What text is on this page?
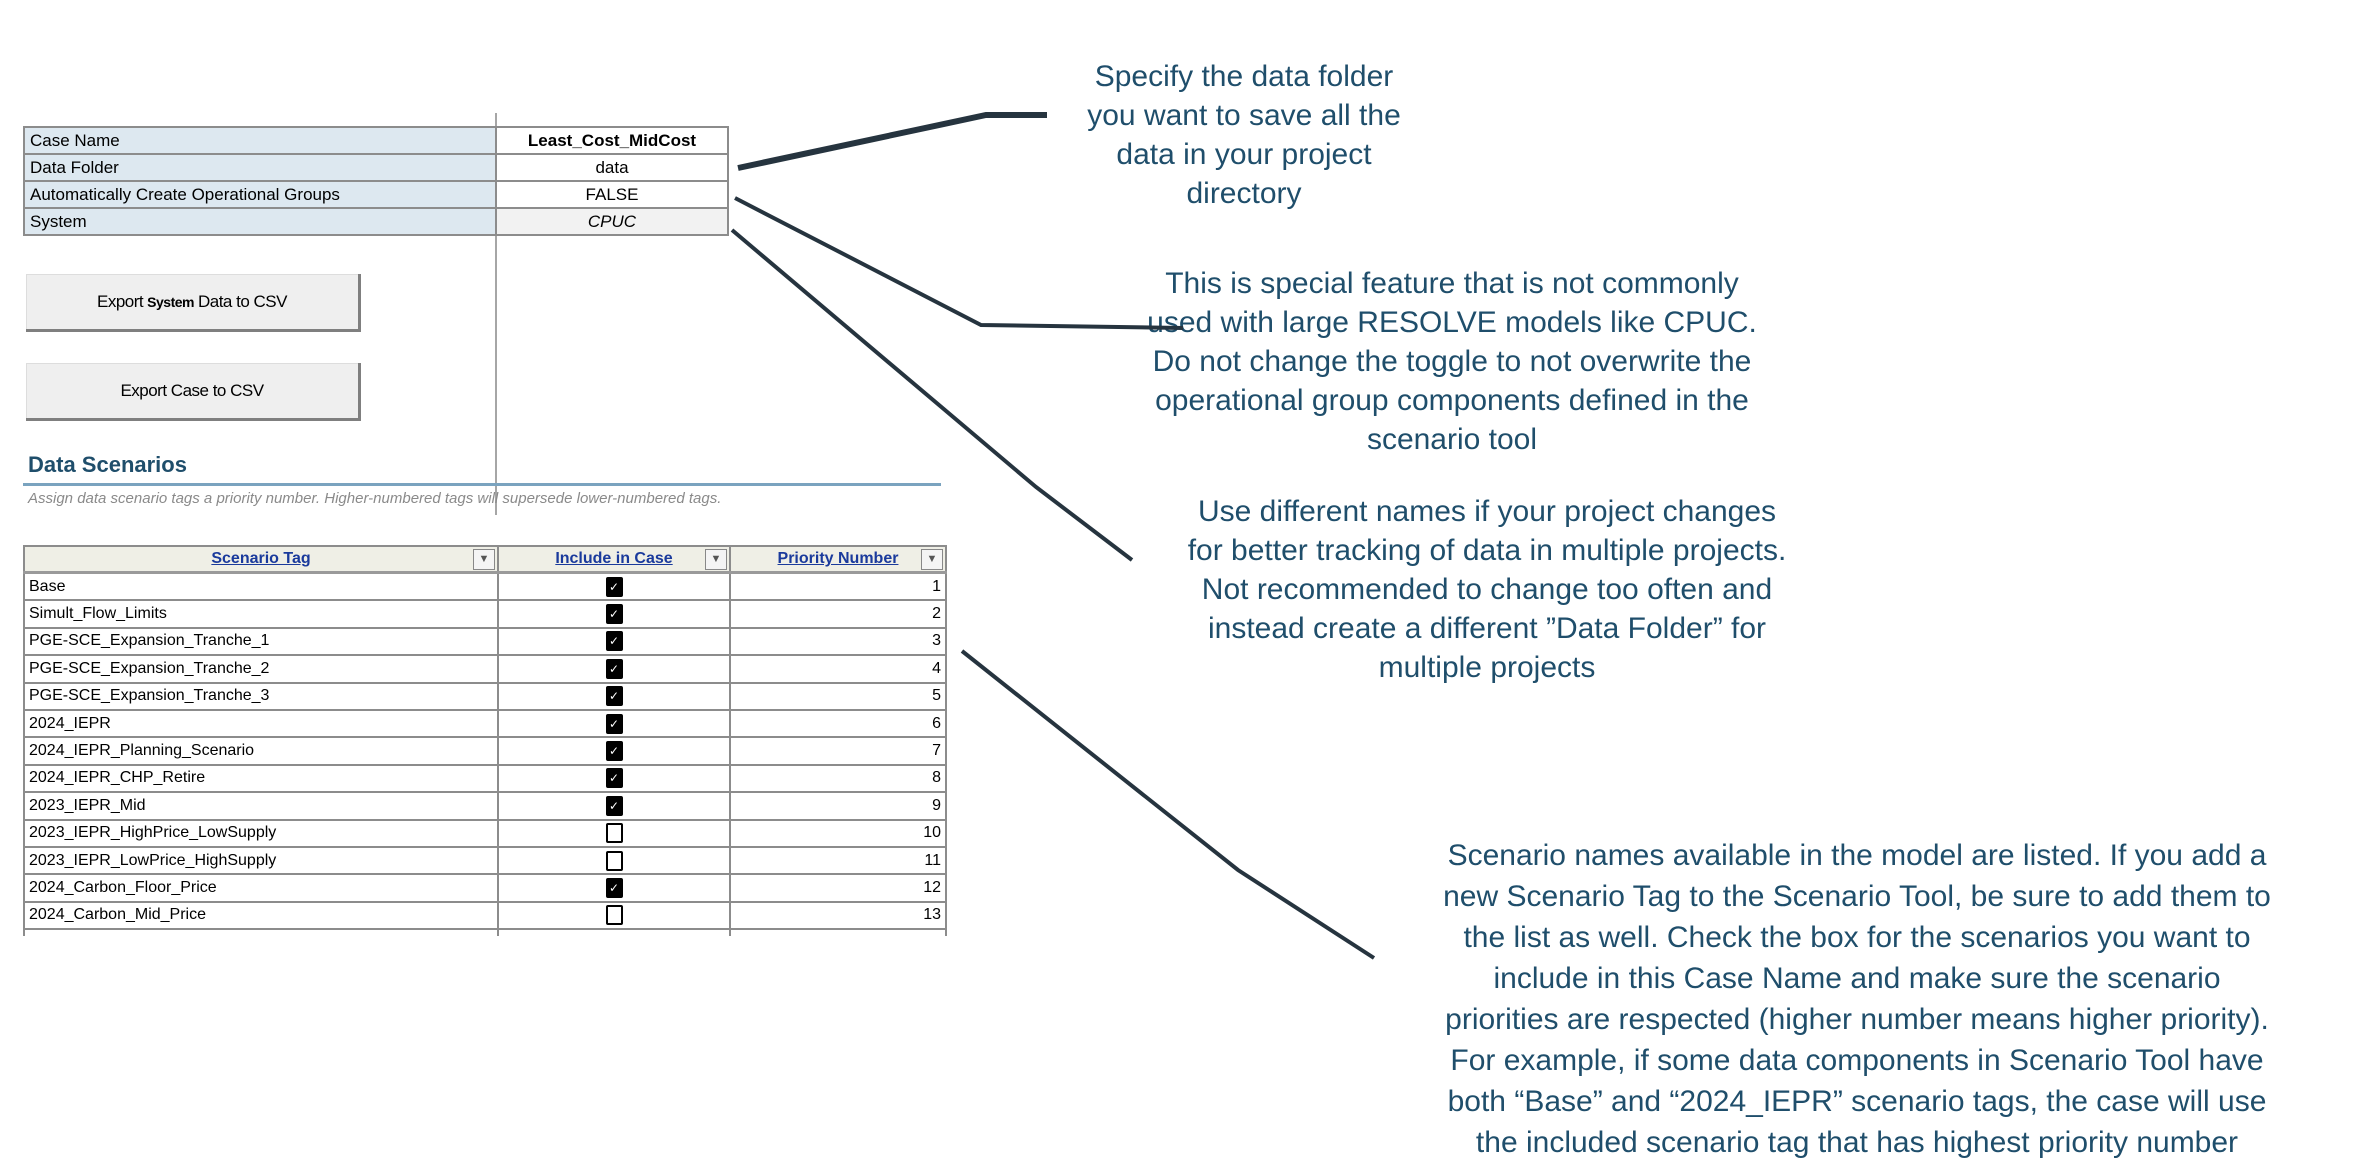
Case Name	Least_Cost_MidCost
Data Folder	data
Automatically Create Operational Groups	FALSE
System	CPUC
Export System Data to CSV
Export Case to CSV
Data Scenarios
Assign data scenario tags a priority number. Higher-numbered tags will supersede lower-numbered tags.
Scenario Tag ▼	Include in Case ▼	Priority Number ▼

Base	✓	1
Simult_Flow_Limits	✓	2
PGE-SCE_Expansion_Tranche_1	✓	3
PGE-SCE_Expansion_Tranche_2	✓	4
PGE-SCE_Expansion_Tranche_3	✓	5
2024_IEPR	✓	6
2024_IEPR_Planning_Scenario	✓	7
2024_IEPR_CHP_Retire	✓	8
2023_IEPR_Mid	✓	9
2023_IEPR_HighPrice_LowSupply		10
2023_IEPR_LowPrice_HighSupply		11
2024_Carbon_Floor_Price	✓	12
2024_Carbon_Mid_Price		13

Specify the data folder
you want to save all the
data in your project
directory
This is special feature that is not commonly
used with large RESOLVE models like CPUC.
Do not change the toggle to not overwrite the
operational group components defined in the
scenario tool
Use different names if your project changes
for better tracking of data in multiple projects.
Not recommended to change too often and
instead create a different ”Data Folder” for
multiple projects
Scenario names available in the model are listed. If you add a
new Scenario Tag to the Scenario Tool, be sure to add them to
the list as well. Check the box for the scenarios you want to
include in this Case Name and make sure the scenario
priorities are respected (higher number means higher priority).
For example, if some data components in Scenario Tool have
both “Base” and “2024_IEPR” scenario tags, the case will use
the included scenario tag that has highest priority number
